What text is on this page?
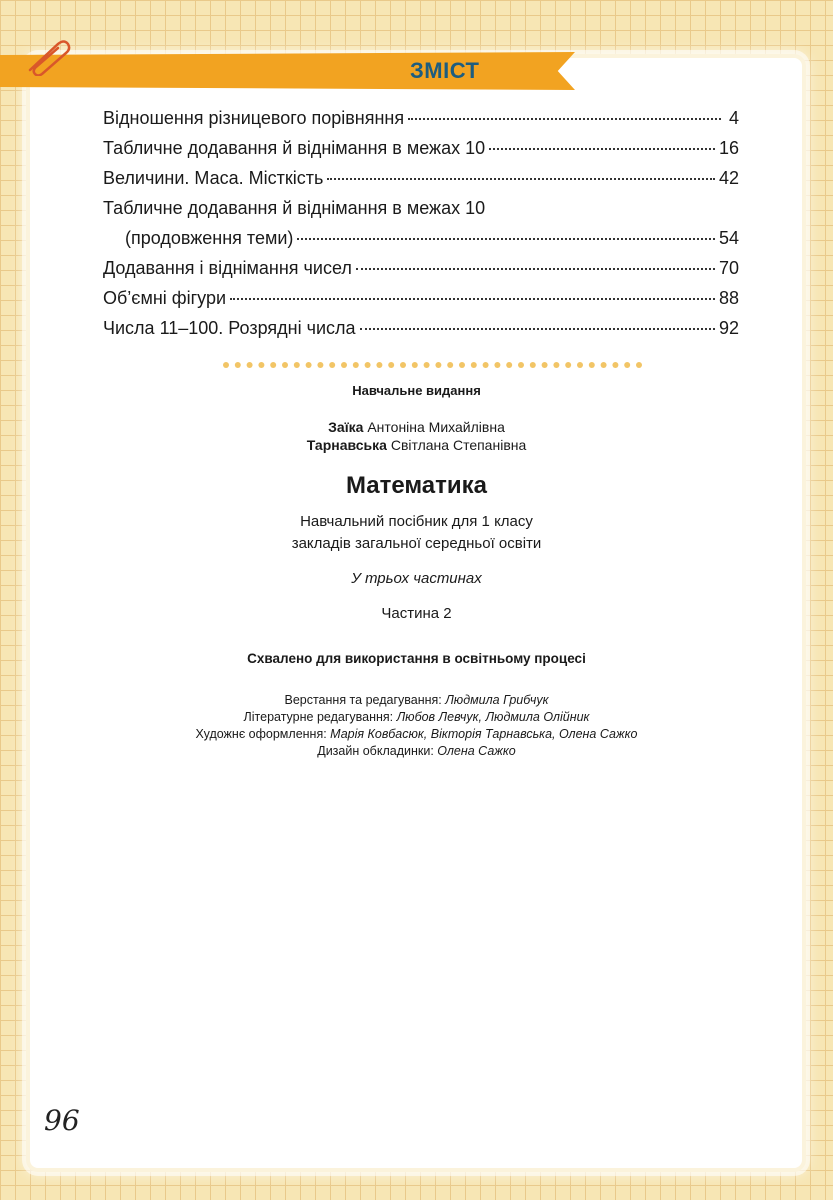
ЗМІСТ
Відношення різницевого порівняння	4
Табличне додавання й віднімання в межах 10	16
Величини. Маса. Місткість	42
Табличне додавання й віднімання в межах 10
(продовження теми)	54
Додавання і віднімання чисел	70
Об’ємні фігури	88
Числа 11–100. Розрядні числа	92
Навчальне видання
Заїка Антоніна Михайлівна
Тарнавська Світлана Степанівна
Математика
Навчальний посібник для 1 класу
закладів загальної середньої освіти
У трьох частинах
Частина 2
Схвалено для використання в освітньому процесі
Верстання та редагування: Людмила Грибчук
Літературне редагування: Любов Левчук, Людмила Олійник
Художнє оформлення: Марія Ковбасюк, Вікторія Тарнавська, Олена Сажко
Дизайн обкладинки: Олена Сажко
96
